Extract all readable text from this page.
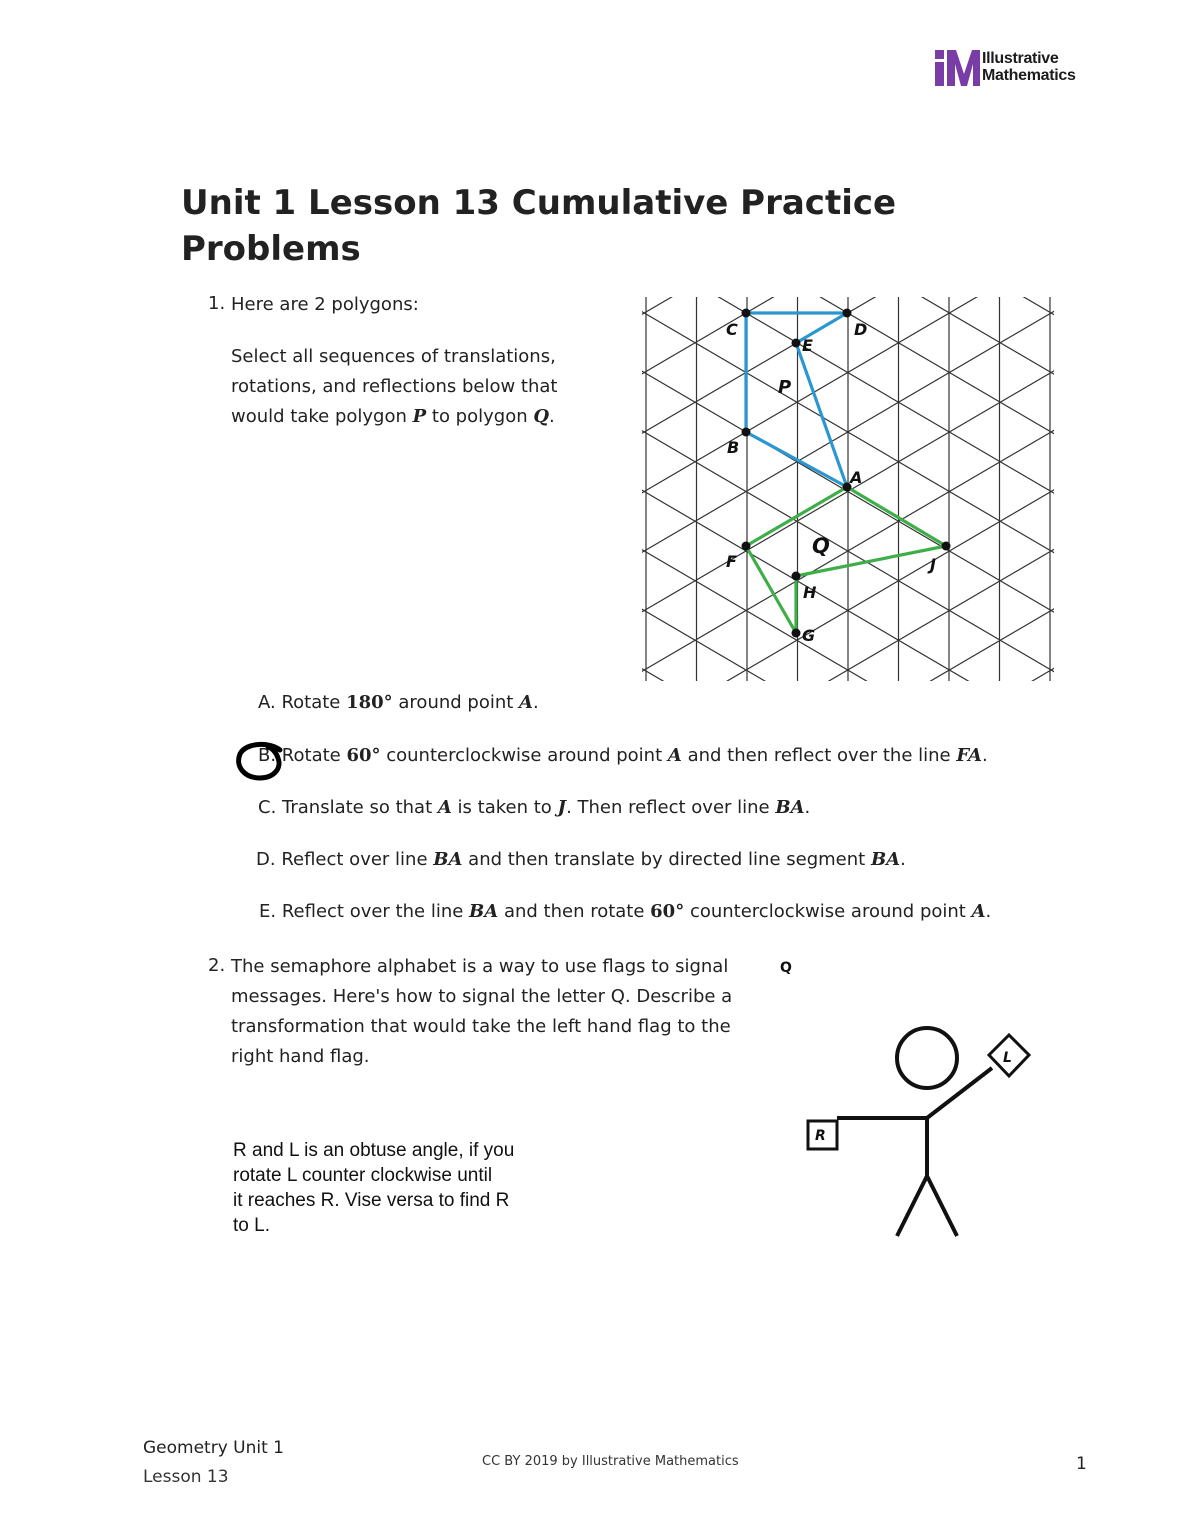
Illustrative
Mathematics
Unit 1 Lesson 13 Cumulative Practice
Problems
1. Here are 2 polygons:
Select all sequences of translations,
rotations, and reflections below that
would take polygon P to polygon Q.
C	D
E
P
B
A
Q
F	J
H
G
A. Rotate 180° around point A.
B. Rotate 60° counterclockwise around point A and then reflect over the line FA.
C. Translate so that A is taken to J. Then reflect over line BA.
D. Reflect over line BA and then translate by directed line segment BA.
E. Reflect over the line BA and then rotate 60° counterclockwise around point A.
2. The semaphore alphabet is a way to use flags to signal
messages. Here's how to signal the letter Q. Describe a
transformation that would take the left hand flag to the
right hand flag.
R and L is an obtuse angle, if you
rotate L counter clockwise until
it reaches R. Vise versa to find R
to L.
Q
R
L
Geometry Unit 1
Lesson 13
CC BY 2019 by Illustrative Mathematics	1
